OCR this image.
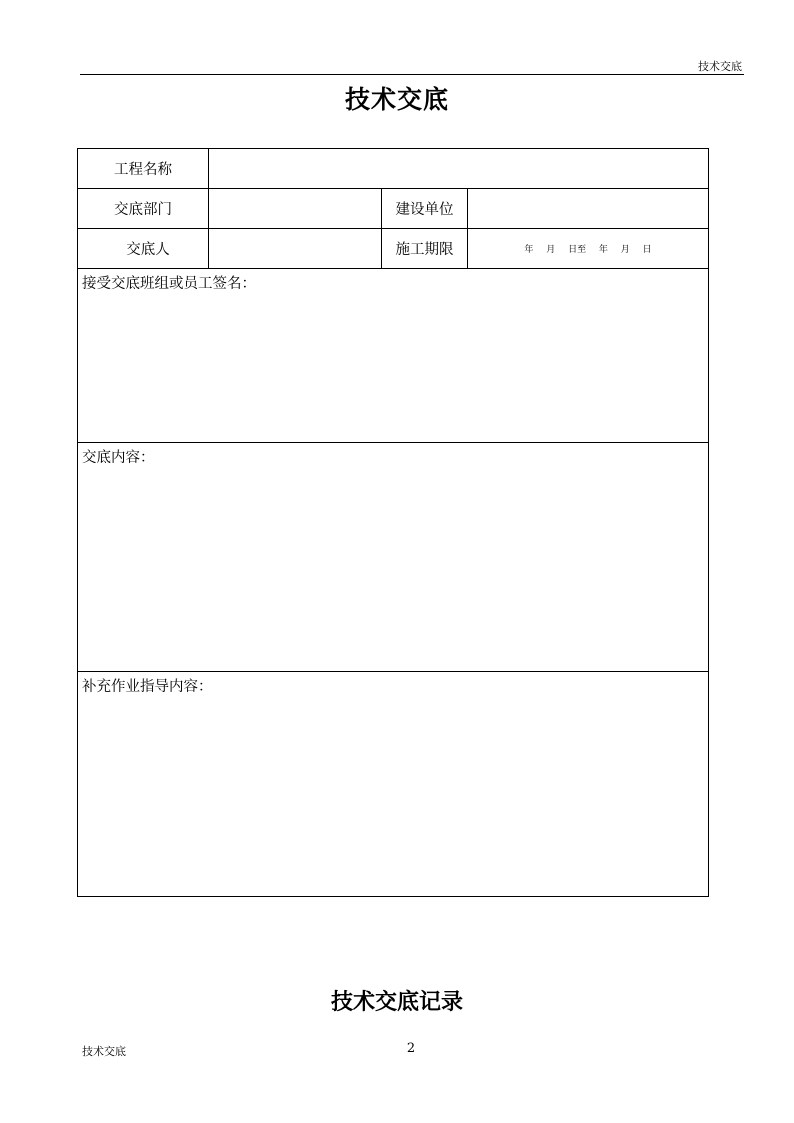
技术交底
技术交底
工程名称			
交底部门		建设单位	
交底人		施工期限	年 月 日至 年 月 日
接受交底班组或员工签名：			
交底内容：			
补充作业指导内容：			
技术交底记录
技术交底	2
